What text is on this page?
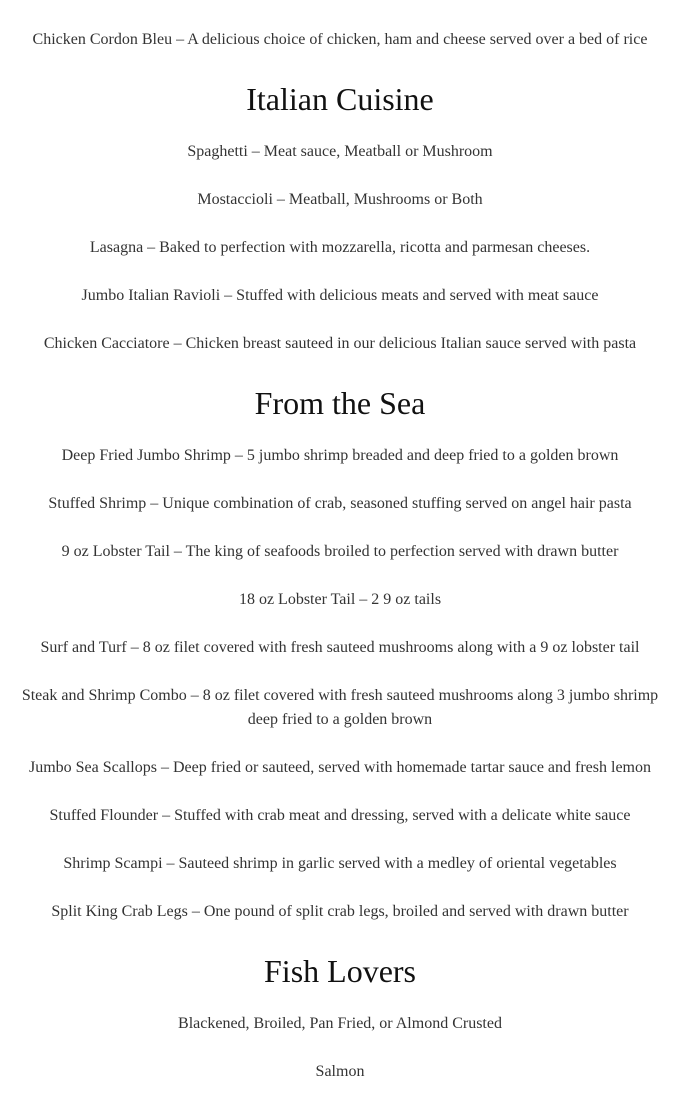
Chicken Cordon Bleu – A delicious choice of chicken, ham and cheese served over a bed of rice

Italian Cuisine

Spaghetti – Meat sauce, Meatball or Mushroom

Mostaccioli – Meatball, Mushrooms or Both

Lasagna – Baked to perfection with mozzarella, ricotta and parmesan cheeses.

Jumbo Italian Ravioli – Stuffed with delicious meats and served with meat sauce

Chicken Cacciatore – Chicken breast sauteed in our delicious Italian sauce served with pasta

From the Sea

Deep Fried Jumbo Shrimp – 5 jumbo shrimp breaded and deep fried to a golden brown

Stuffed Shrimp – Unique combination of crab, seasoned stuffing served on angel hair pasta

9 oz Lobster Tail – The king of seafoods broiled to perfection served with drawn butter

18 oz Lobster Tail – 2 9 oz tails

Surf and Turf – 8 oz filet covered with fresh sauteed mushrooms along with a 9 oz lobster tail

Steak and Shrimp Combo – 8 oz filet covered with fresh sauteed mushrooms along 3 jumbo shrimp deep fried to a golden brown

Jumbo Sea Scallops – Deep fried or sauteed, served with homemade tartar sauce and fresh lemon

Stuffed Flounder – Stuffed with crab meat and dressing, served with a delicate white sauce

Shrimp Scampi – Sauteed shrimp in garlic served with a medley of oriental vegetables

Split King Crab Legs – One pound of split crab legs, broiled and served with drawn butter

Fish Lovers

Blackened, Broiled, Pan Fried, or Almond Crusted

Salmon
